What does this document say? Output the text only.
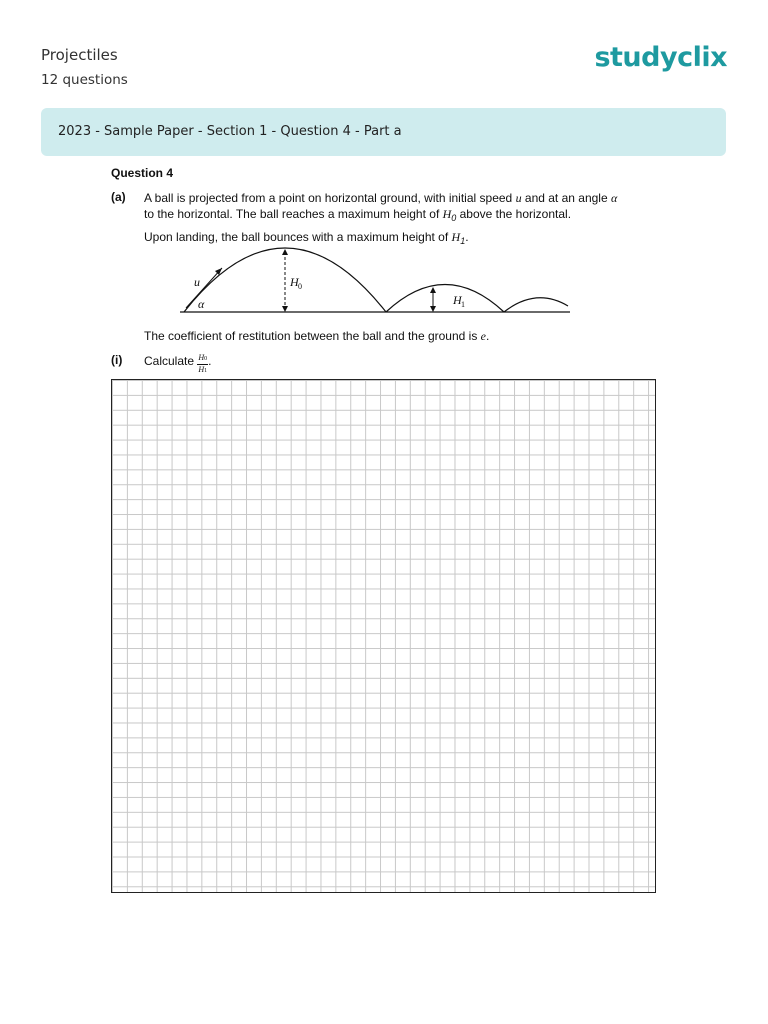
Projectiles
12 questions
studyclix
2023 - Sample Paper - Section 1 - Question 4 - Part a
Question 4
(a) A ball is projected from a point on horizontal ground, with initial speed u and at an angle α
to the horizontal. The ball reaches a maximum height of $H_0$ above the horizontal.
Upon landing, the ball bounces with a maximum height of $H_1$.
u
α
H 0
H 1
The coefficient of restitution between the ball and the ground is e.
(i) Calculate $\frac{H0}{H1}$ .
